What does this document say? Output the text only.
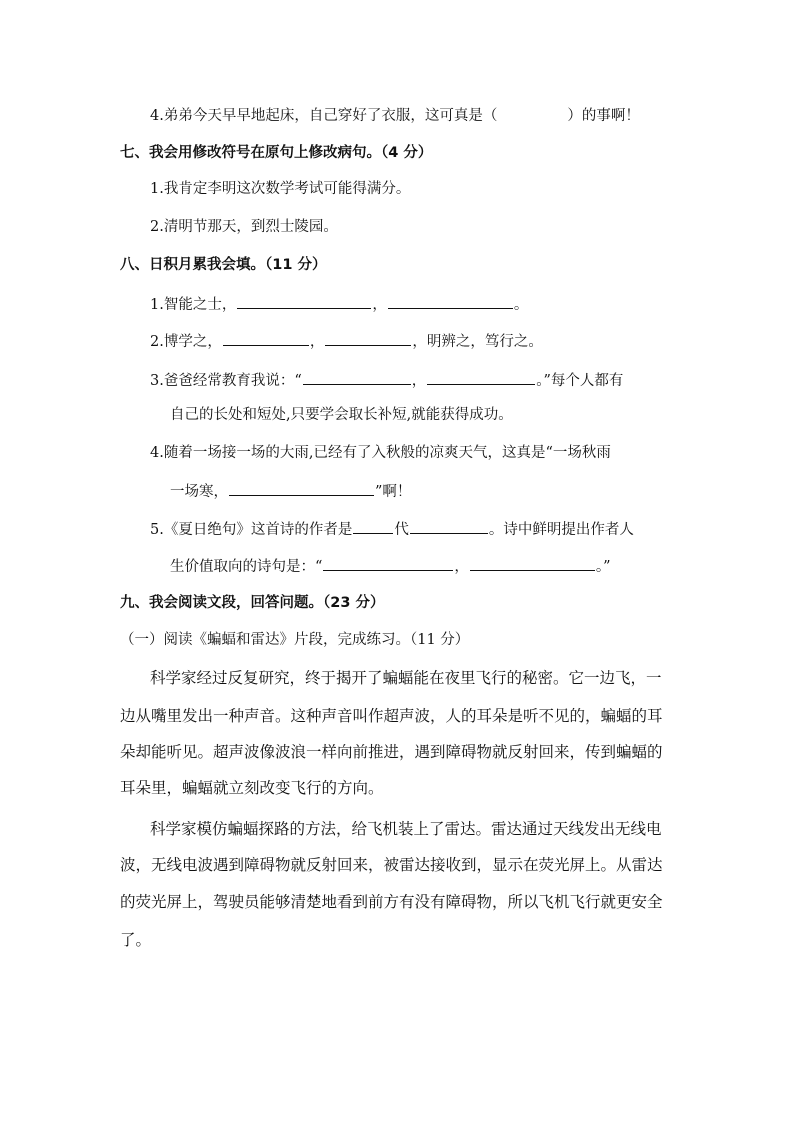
4.弟弟今天早早地起床，自己穿好了衣服，这可真是（	）的事啊！
七、我会用修改符号在原句上修改病句。（4 分）
1.我肯定李明这次数学考试可能得满分。
2.清明节那天，到烈士陵园。
八、日积月累我会填。（11 分）
1.智能之士，	，	。
2.博学之，	，	，明辨之，笃行之。
3.爸爸经常教育我说：“	，	。”每个人都有
自己的长处和短处,只要学会取长补短,就能获得成功。
4.随着一场接一场的大雨,已经有了入秋般的凉爽天气，这真是“一场秋雨
一场寒，	”啊！
5.《夏日绝句》这首诗的作者是	代	。诗中鲜明提出作者人
生价值取向的诗句是：“	，	。”
九、我会阅读文段，回答问题。（23 分）
（一）阅读《蝙蝠和雷达》片段，完成练习。（11 分）
科学家经过反复研究，终于揭开了蝙蝠能在夜里飞行的秘密。它一边飞，一
边从嘴里发出一种声音。这种声音叫作超声波，人的耳朵是听不见的，蝙蝠的耳
朵却能听见。超声波像波浪一样向前推进，遇到障碍物就反射回来，传到蝙蝠的
耳朵里，蝙蝠就立刻改变飞行的方向。
科学家模仿蝙蝠探路的方法，给飞机装上了雷达。雷达通过天线发出无线电
波，无线电波遇到障碍物就反射回来，被雷达接收到，显示在荧光屏上。从雷达
的荧光屏上，驾驶员能够清楚地看到前方有没有障碍物，所以飞机飞行就更安全
了。
